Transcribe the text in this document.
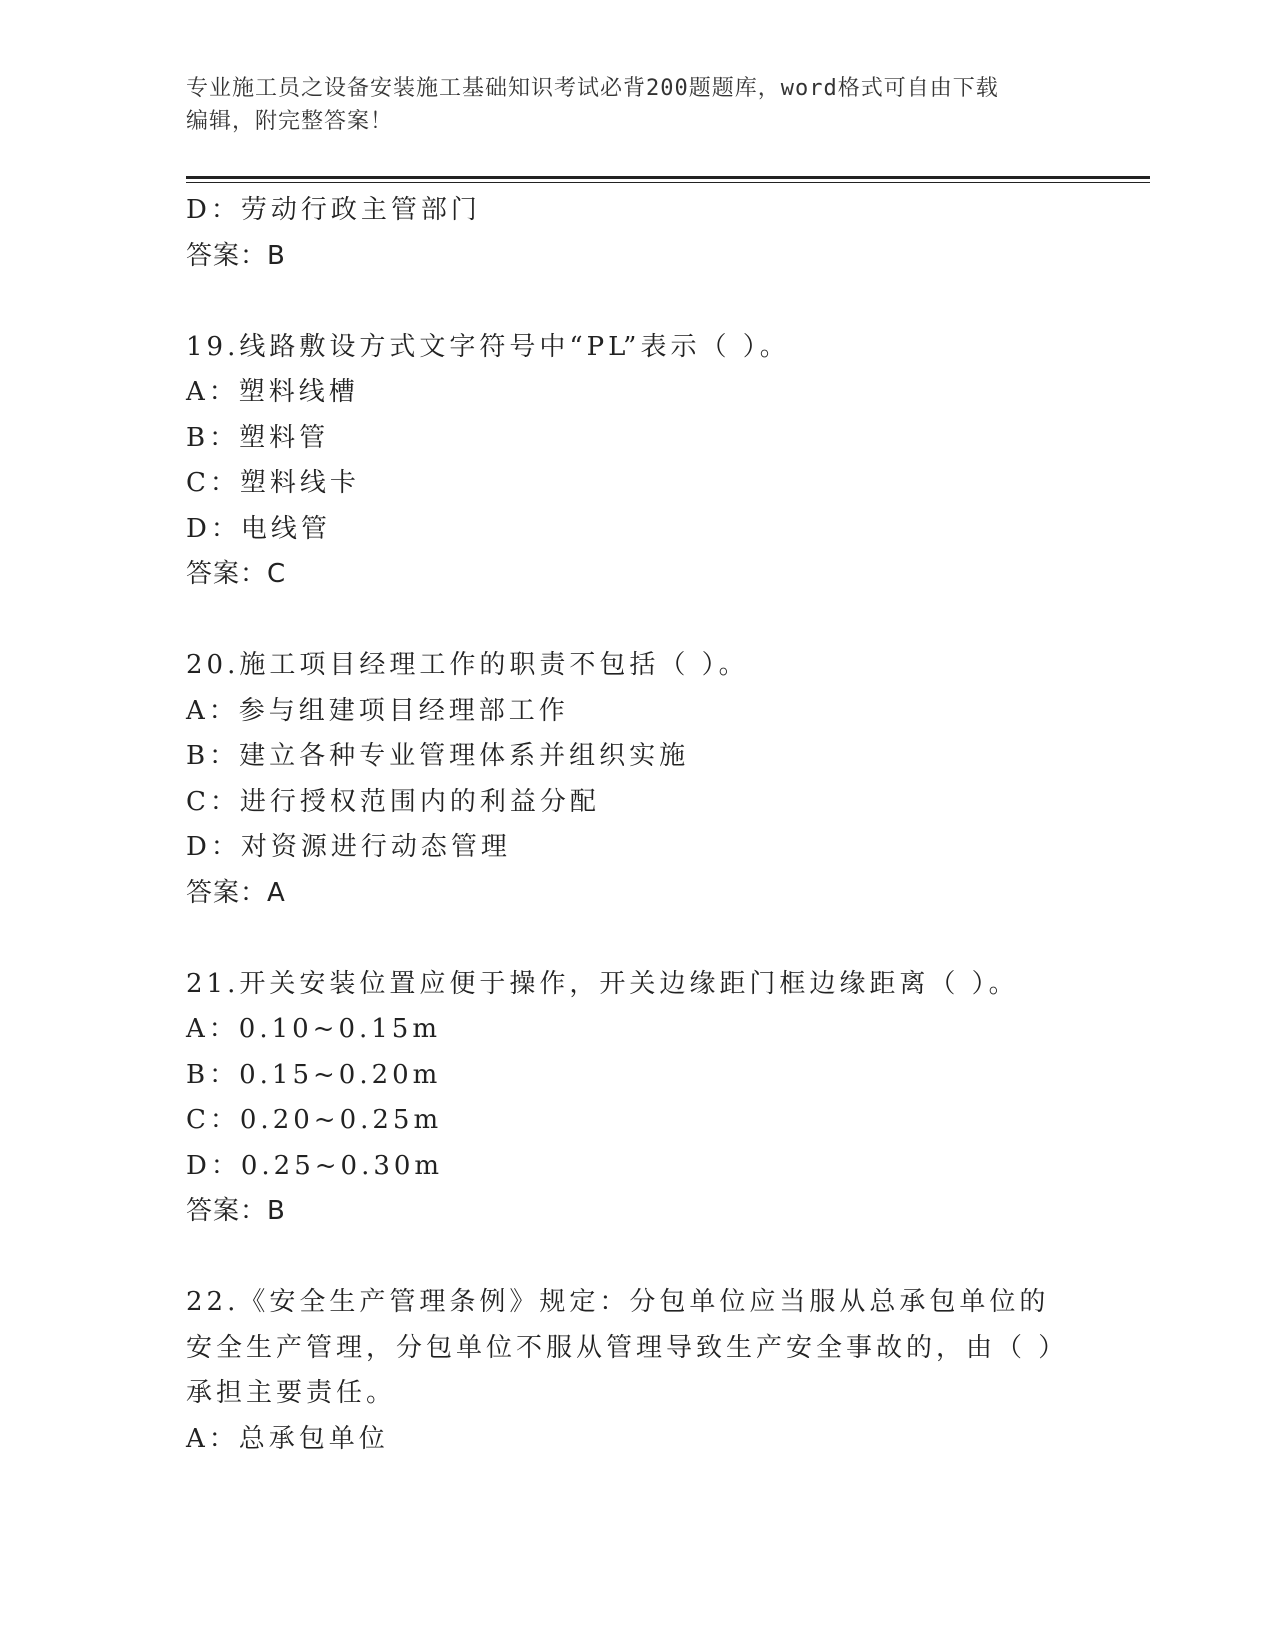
专业施工员之设备安装施工基础知识考试必背200题题库，word格式可自由下载
编辑，附完整答案！
D：劳动行政主管部门
答案：B
19.线路敷设方式文字符号中“PL”表示（ ）。
A：塑料线槽
B：塑料管
C：塑料线卡
D：电线管
答案：C
20.施工项目经理工作的职责不包括（ ）。
A：参与组建项目经理部工作
B：建立各种专业管理体系并组织实施
C：进行授权范围内的利益分配
D：对资源进行动态管理
答案：A
21.开关安装位置应便于操作，开关边缘距门框边缘距离（ ）。
A：0.10~0.15m
B：0.15~0.20m
C：0.20~0.25m
D：0.25~0.30m
答案：B
22.《安全生产管理条例》规定：分包单位应当服从总承包单位的安全生产管理，分包单位不服从管理导致生产安全事故的，由（ ）承担主要责任。
A：总承包单位
